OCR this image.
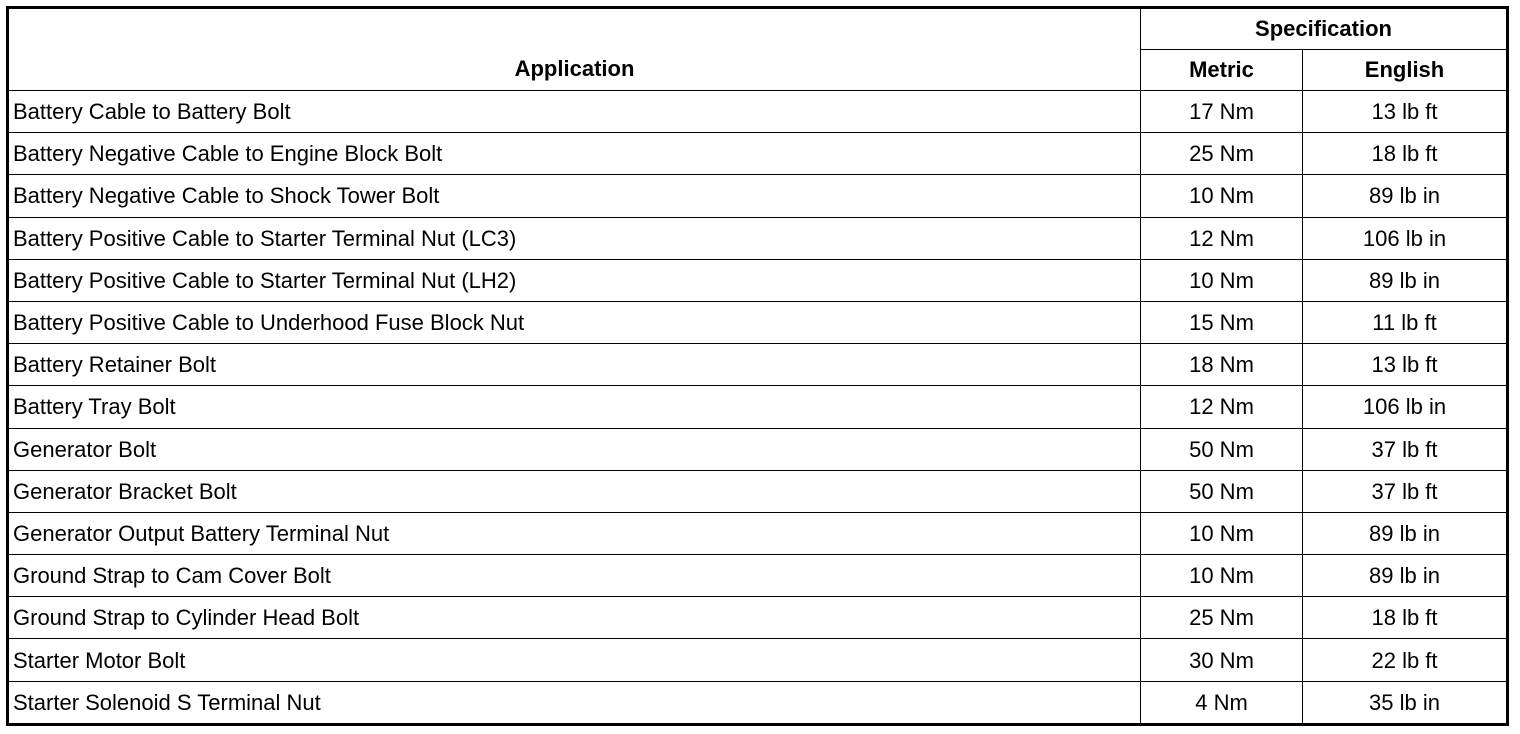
Application	Specification	
	Metric	English
Battery Cable to Battery Bolt	17 Nm	13 lb ft
Battery Negative Cable to Engine Block Bolt	25 Nm	18 lb ft
Battery Negative Cable to Shock Tower Bolt	10 Nm	89 lb in
Battery Positive Cable to Starter Terminal Nut (LC3)	12 Nm	106 lb in
Battery Positive Cable to Starter Terminal Nut (LH2)	10 Nm	89 lb in
Battery Positive Cable to Underhood Fuse Block Nut	15 Nm	11 lb ft
Battery Retainer Bolt	18 Nm	13 lb ft
Battery Tray Bolt	12 Nm	106 lb in
Generator Bolt	50 Nm	37 lb ft
Generator Bracket Bolt	50 Nm	37 lb ft
Generator Output Battery Terminal Nut	10 Nm	89 lb in
Ground Strap to Cam Cover Bolt	10 Nm	89 lb in
Ground Strap to Cylinder Head Bolt	25 Nm	18 lb ft
Starter Motor Bolt	30 Nm	22 lb ft
Starter Solenoid S Terminal Nut	4 Nm	35 lb in
